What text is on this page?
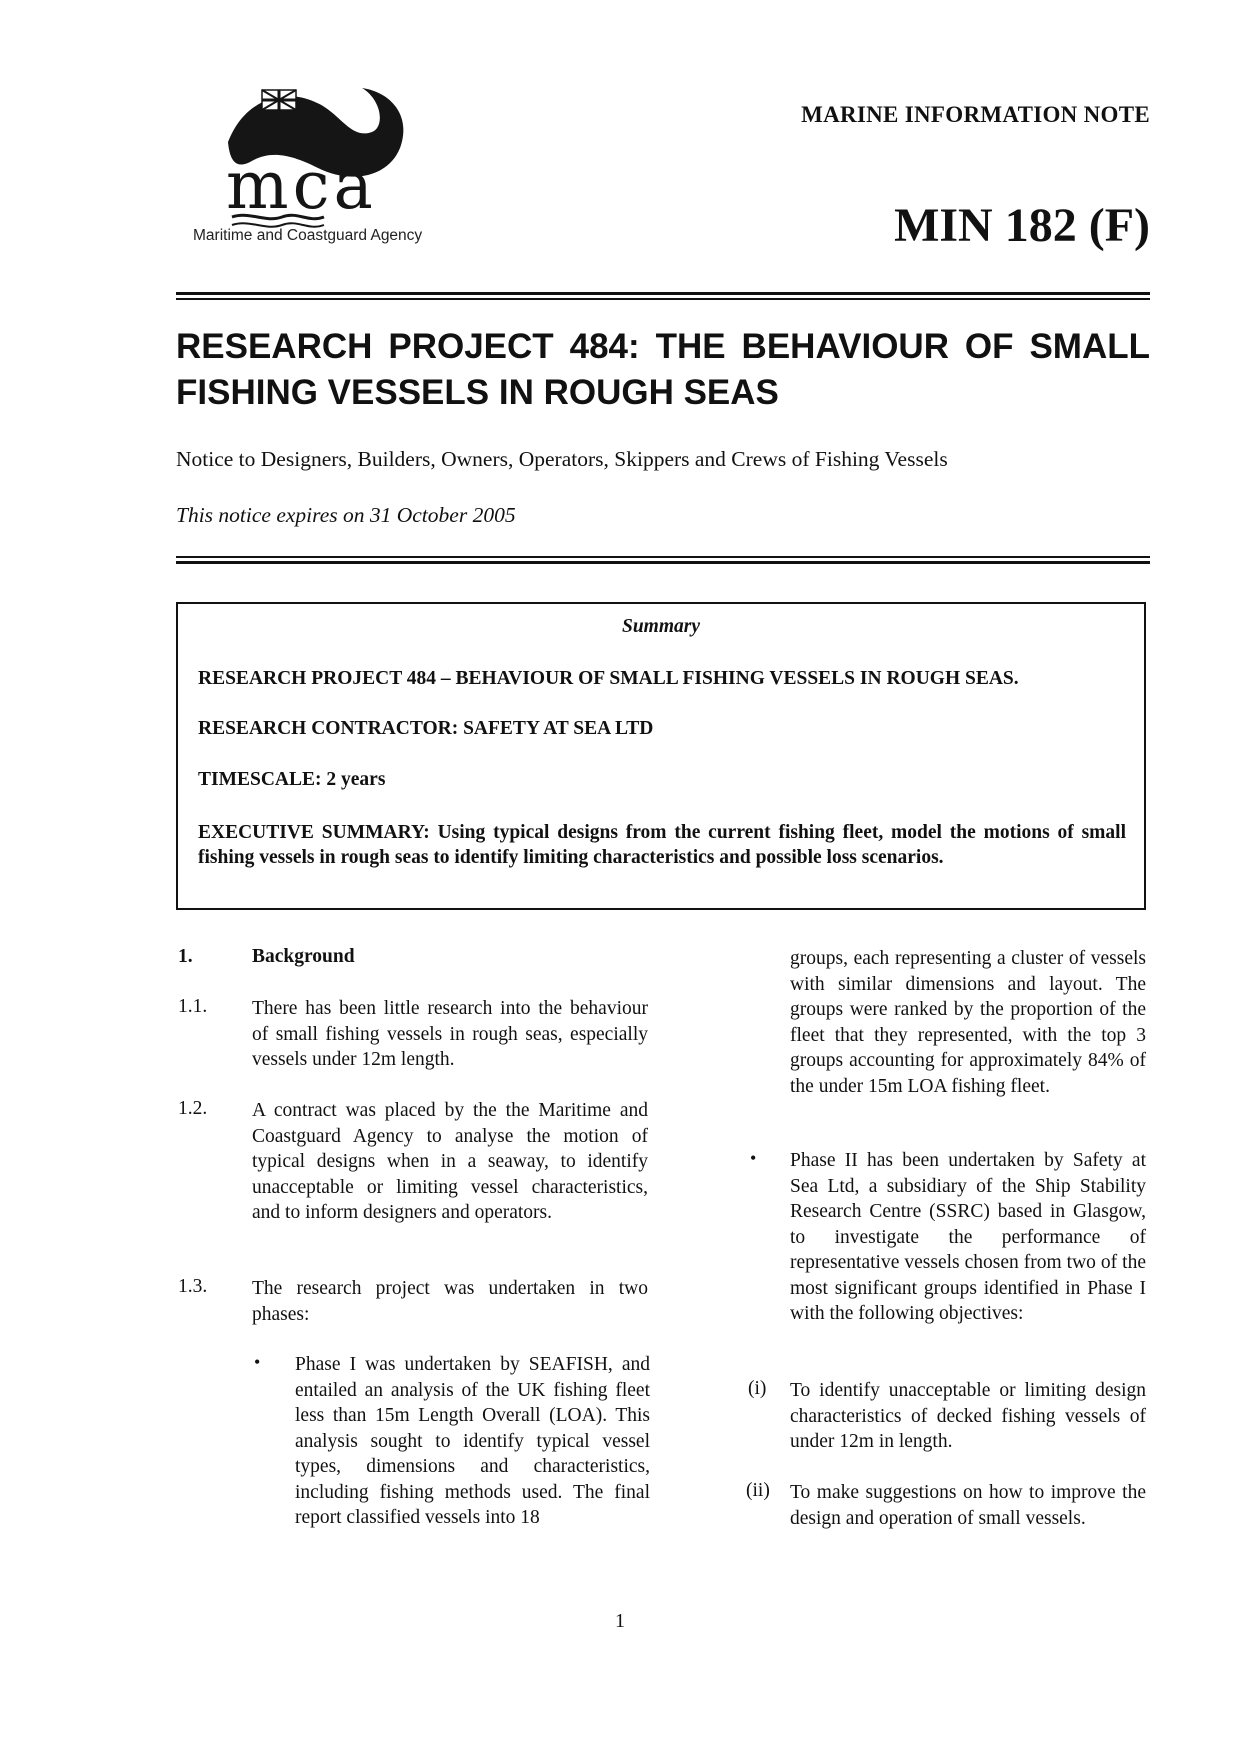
mca
Maritime and Coastguard Agency
MARINE INFORMATION NOTE
MIN 182 (F)
RESEARCH PROJECT 484: THE BEHAVIOUR OF SMALL FISHING VESSELS IN ROUGH SEAS
Notice to Designers, Builders, Owners, Operators, Skippers and Crews of Fishing Vessels
This notice expires on 31 October 2005
Summary
RESEARCH PROJECT 484 – BEHAVIOUR OF SMALL FISHING VESSELS IN ROUGH SEAS.
RESEARCH CONTRACTOR: SAFETY AT SEA LTD
TIMESCALE: 2 years

EXECUTIVE SUMMARY: Using typical designs from the current fishing fleet, model the motions of small fishing vessels in rough seas to identify limiting characteristics and possible loss scenarios.

1.	Background
1.1. There has been little research into the behaviour of small fishing vessels in rough seas, especially vessels under 12m length.

1.2. A contract was placed by the the Maritime and Coastguard Agency to analyse the motion of typical designs when in a seaway, to identify unacceptable or limiting vessel characteristics, and to inform designers and operators.

1.3. The research project was undertaken in two phases:

• Phase I was undertaken by SEAFISH, and entailed an analysis of the UK fishing fleet less than 15m Length Overall (LOA). This analysis sought to identify typical vessel types, dimensions and characteristics, including fishing methods used. The final report classified vessels into 18

groups, each representing a cluster of vessels with similar dimensions and layout. The groups were ranked by the proportion of the fleet that they represented, with the top 3 groups accounting for approximately 84% of the under 15m LOA fishing fleet.

• Phase II has been undertaken by Safety at Sea Ltd, a subsidiary of the Ship Stability Research Centre (SSRC) based in Glasgow, to investigate the performance of representative vessels chosen from two of the most significant groups identified in Phase I with the following objectives:

(i) To identify unacceptable or limiting design characteristics of decked fishing vessels of under 12m in length.

(ii) To make suggestions on how to improve the design and operation of small vessels.

1
